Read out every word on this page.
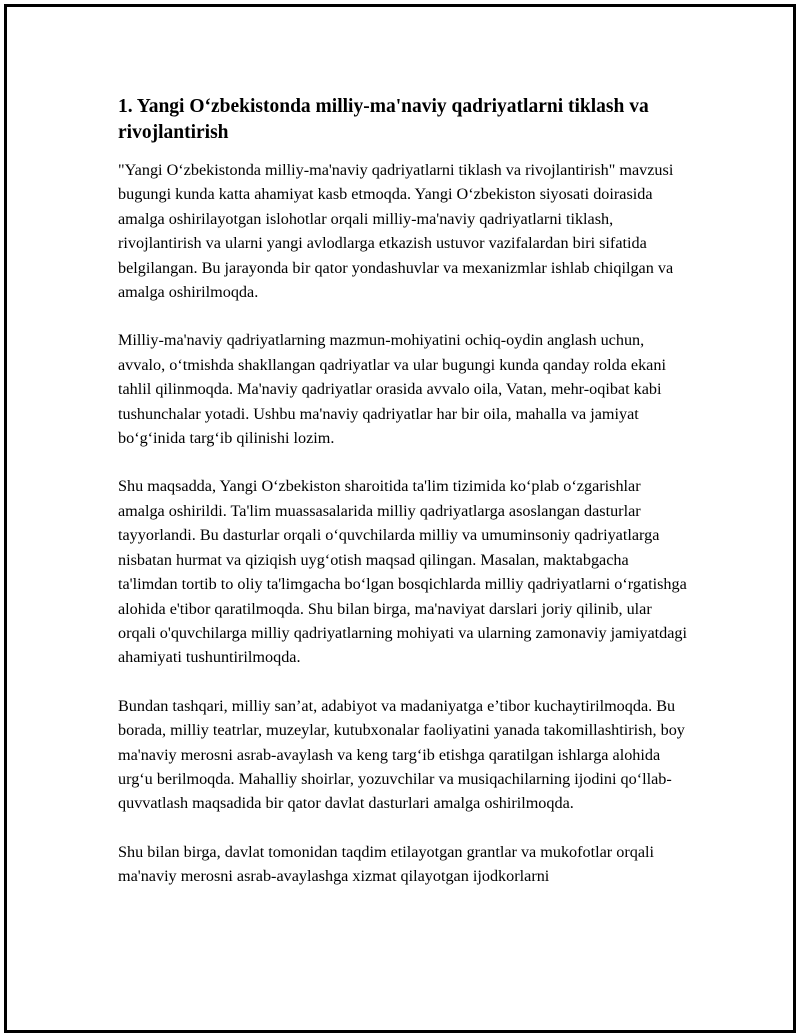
1. Yangi O‘zbekistonda milliy-ma'naviy qadriyatlarni tiklash va rivojlantirish

"Yangi O‘zbekistonda milliy-ma'naviy qadriyatlarni tiklash va rivojlantirish" mavzusi bugungi kunda katta ahamiyat kasb etmoqda. Yangi O‘zbekiston siyosati doirasida amalga oshirilayotgan islohotlar orqali milliy-ma'naviy qadriyatlarni tiklash, rivojlantirish va ularni yangi avlodlarga etkazish ustuvor vazifalardan biri sifatida belgilangan. Bu jarayonda bir qator yondashuvlar va mexanizmlar ishlab chiqilgan va amalga oshirilmoqda.

Milliy-ma'naviy qadriyatlarning mazmun-mohiyatini ochiq-oydin anglash uchun, avvalo, o‘tmishda shakllangan qadriyatlar va ular bugungi kunda qanday rolda ekani tahlil qilinmoqda. Ma'naviy qadriyatlar orasida avvalo oila, Vatan, mehr-oqibat kabi tushunchalar yotadi. Ushbu ma'naviy qadriyatlar har bir oila, mahalla va jamiyat bo‘g‘inida targ‘ib qilinishi lozim.

Shu maqsadda, Yangi O‘zbekiston sharoitida ta'lim tizimida ko‘plab o‘zgarishlar amalga oshirildi. Ta'lim muassasalarida milliy qadriyatlarga asoslangan dasturlar tayyorlandi. Bu dasturlar orqali o‘quvchilarda milliy va umuminsoniy qadriyatlarga nisbatan hurmat va qiziqish uyg‘otish maqsad qilingan. Masalan, maktabgacha ta'limdan tortib to oliy ta'limgacha bo‘lgan bosqichlarda milliy qadriyatlarni o‘rgatishga alohida e'tibor qaratilmoqda. Shu bilan birga, ma'naviyat darslari joriy qilinib, ular orqali o'quvchilarga milliy qadriyatlarning mohiyati va ularning zamonaviy jamiyatdagi ahamiyati tushuntirilmoqda.

Bundan tashqari, milliy san’at, adabiyot va madaniyatga e’tibor kuchaytirilmoqda. Bu borada, milliy teatrlar, muzeylar, kutubxonalar faoliyatini yanada takomillashtirish, boy ma'naviy merosni asrab-avaylash va keng targ‘ib etishga qaratilgan ishlarga alohida urg‘u berilmoqda. Mahalliy shoirlar, yozuvchilar va musiqachilarning ijodini qo‘llab-quvvatlash maqsadida bir qator davlat dasturlari amalga oshirilmoqda.

Shu bilan birga, davlat tomonidan taqdim etilayotgan grantlar va mukofotlar orqali ma'naviy merosni asrab-avaylashga xizmat qilayotgan ijodkorlarni
